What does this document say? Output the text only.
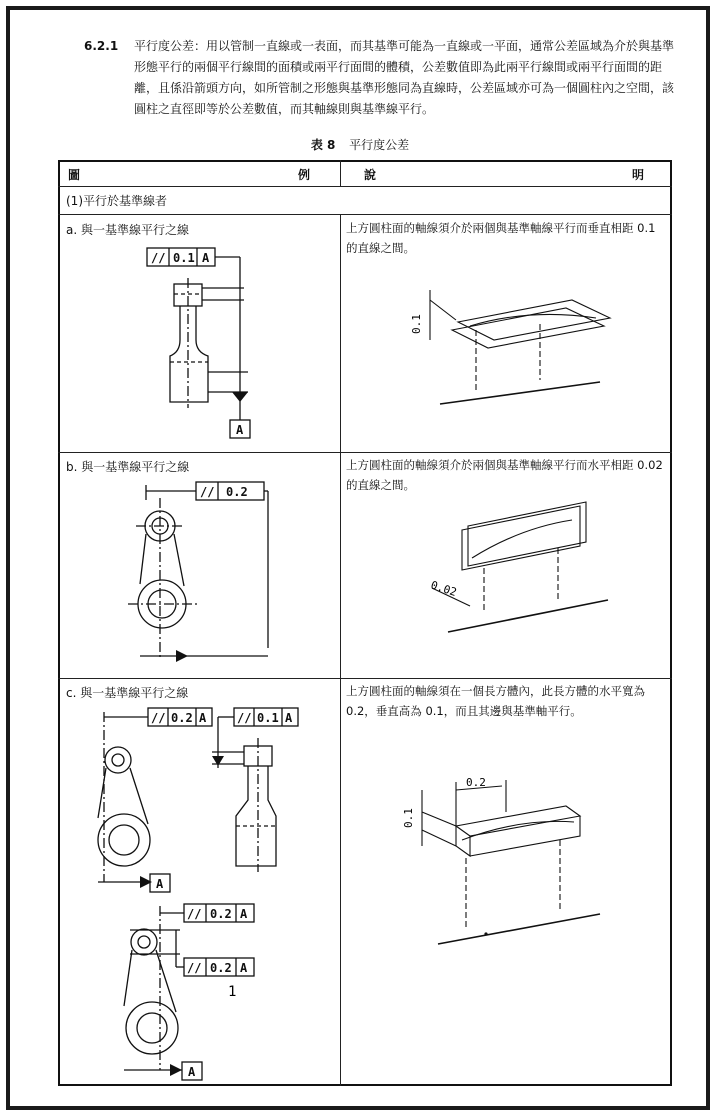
6.2.1 平行度公差：用以管制一直線或一表面，而其基準可能為一直線或一平面，通常公差區域為介於與基準形態平行的兩個平行線間的面積或兩平行面間的體積，公差數值即為此兩平行線間或兩平行面間的距離，且係沿箭頭方向，如所管制之形態與基準形態同為直線時，公差區域亦可為一個圓柱內之空間，該圓柱之直徑即等於公差數值，而其軸線則與基準線平行。
表 8 平行度公差
圖	例	說	明
(1)平行於基準線者
a. 與一基準線平行之線	上方圓柱面的軸線須介於兩個與基準軸線平行而垂直相距 0.1 的直線之間。
// 0.1 A
A
0.1
b. 與一基準線平行之線	上方圓柱面的軸線須介於兩個與基準軸線平行而水平相距 0.02 的直線之間。
// 0.2
0.02
c. 與一基準線平行之線	上方圓柱面的軸線須在一個長方體內，此長方體的水平寬為 0.2，垂直高為 0.1，而且其邊與基準軸平行。
// 0.2 A	// 0.1 A
A
// 0.2 A
// 0.2 A
A
1
0.1
0.2
